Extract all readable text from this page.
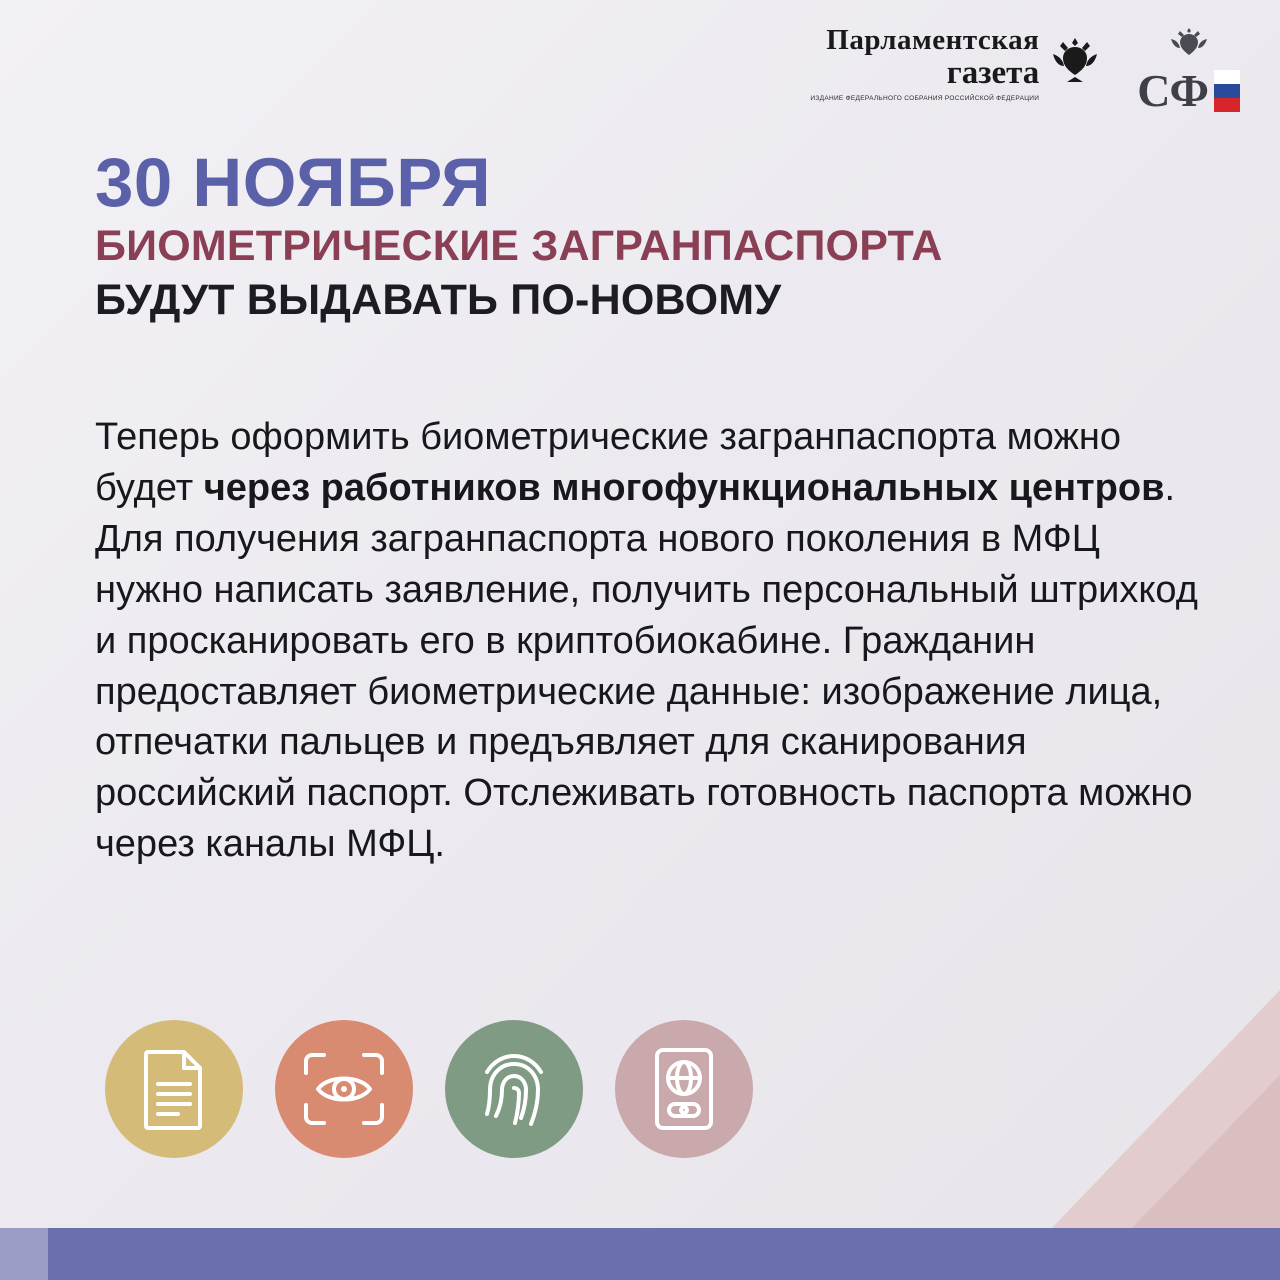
Парламентская
газета
ИЗДАНИЕ ФЕДЕРАЛЬНОГО СОБРАНИЯ РОССИЙСКОЙ ФЕДЕРАЦИИ СФ
30 НОЯБРЯ
БИОМЕТРИЧЕСКИЕ ЗАГРАНПАСПОРТА
БУДУТ ВЫДАВАТЬ ПО-НОВОМУ
Теперь оформить биометрические загранпаспорта можно будет через работников многофункциональных центров. Для получения загранпаспорта нового поколения в МФЦ нужно написать заявление, получить персональный штрихкод и просканировать его в криптобиокабине. Гражданин предоставляет биометрические данные: изображение лица, отпечатки пальцев и предъявляет для сканирования российский паспорт. Отслеживать готовность паспорта можно через каналы МФЦ.
